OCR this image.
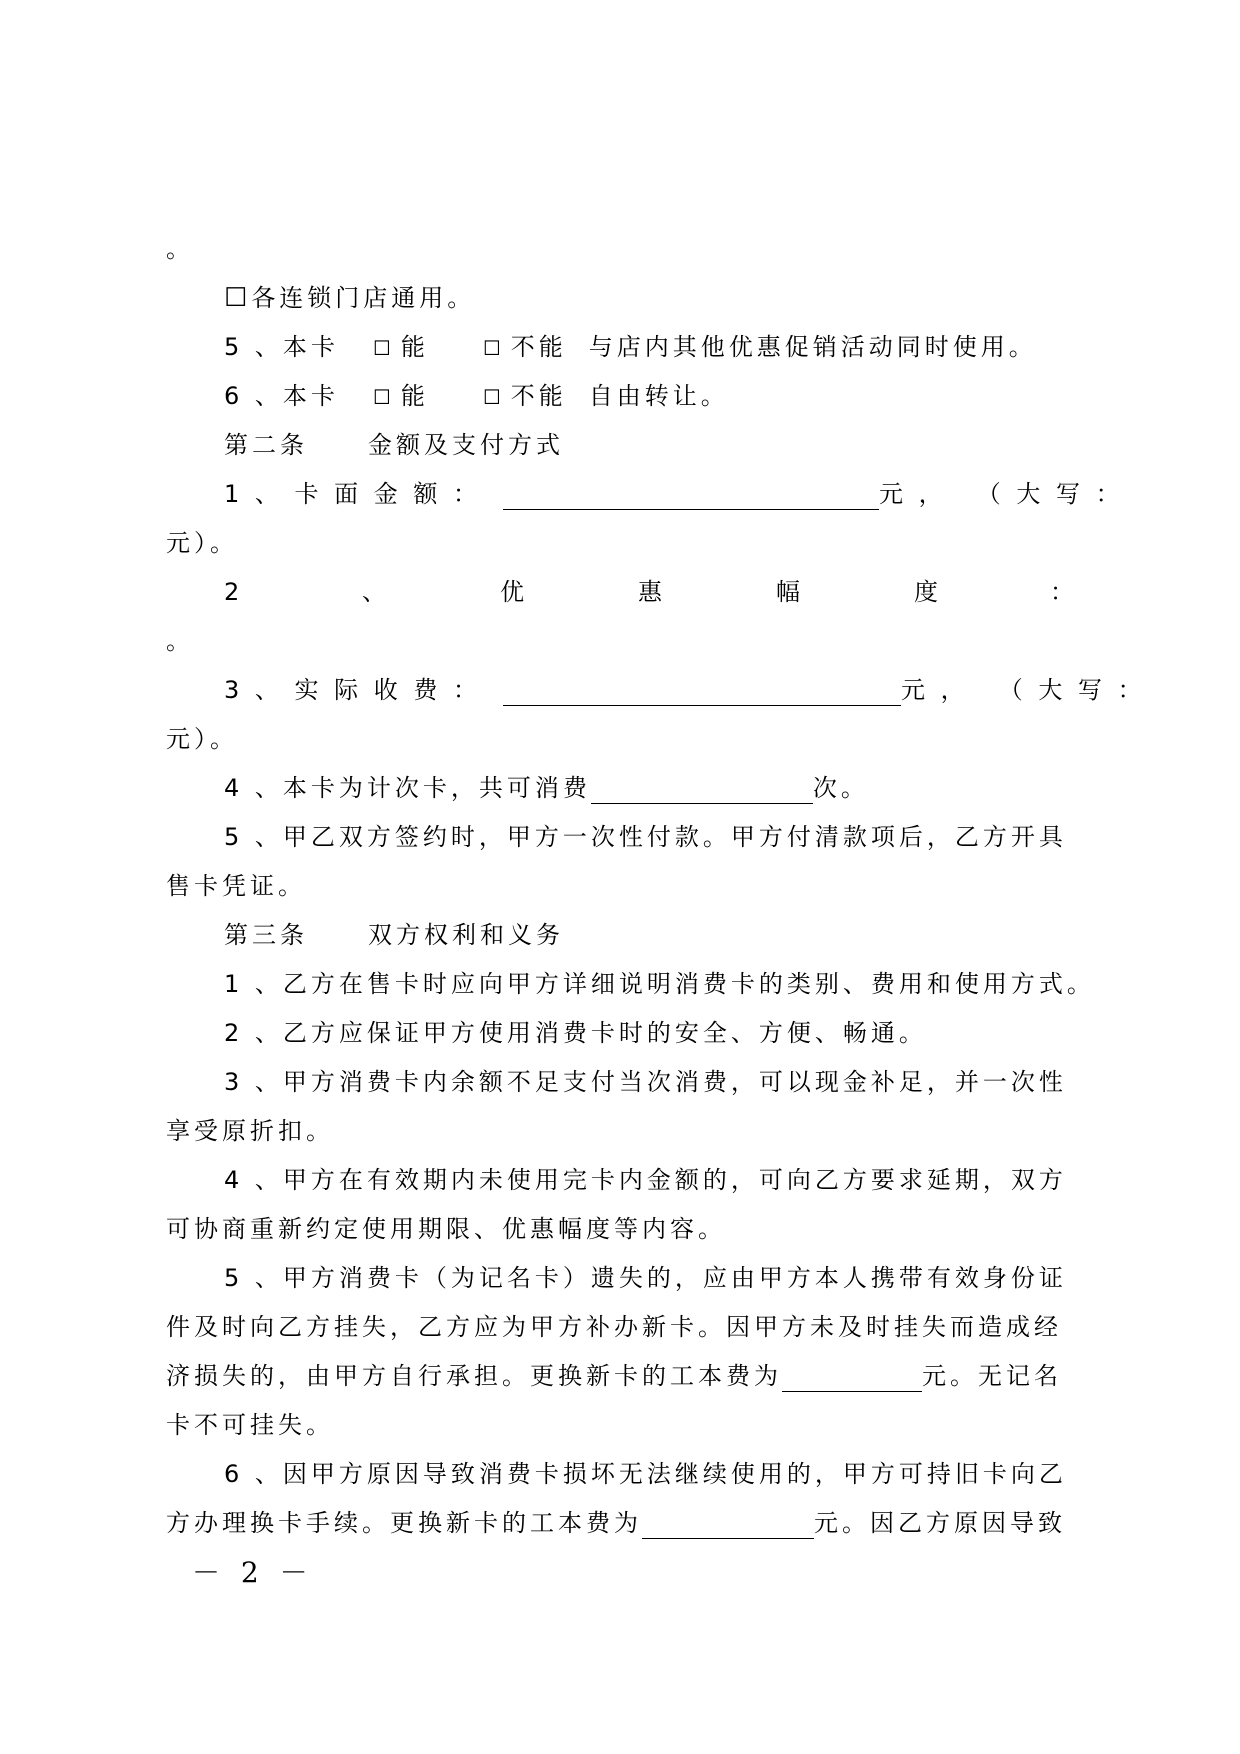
。

☐各连锁门店通用。

5 、本卡 ☐ 能	☐ 不能 与店内其他优惠促销活动同时使用。

6 、本卡 ☐ 能	☐ 不能 自由转让。

第二条	金额及支付方式

1 、 卡 面 金 额 ：	元 ， （ 大 写 ：

元）。

2	、	优	惠	幅	度	：

。

3 、 实 际 收 费 ：	元 ， （ 大 写 ：

元）。

4 、本卡为计次卡，共可消费	次。

5 、甲乙双方签约时，甲方一次性付款。甲方付清款项后，乙方开具

售卡凭证。

第三条	双方权利和义务

1 、乙方在售卡时应向甲方详细说明消费卡的类别、费用和使用方式。

2 、乙方应保证甲方使用消费卡时的安全、方便、畅通。

3 、甲方消费卡内余额不足支付当次消费，可以现金补足，并一次性

享受原折扣。

4 、甲方在有效期内未使用完卡内金额的，可向乙方要求延期，双方

可协商重新约定使用期限、优惠幅度等内容。

5 、甲方消费卡（为记名卡）遗失的，应由甲方本人携带有效身份证

件及时向乙方挂失，乙方应为甲方补办新卡。因甲方未及时挂失而造成经

济损失的，由甲方自行承担。更换新卡的工本费为	元。无记名

卡不可挂失。

6 、因甲方原因导致消费卡损坏无法继续使用的，甲方可持旧卡向乙

方办理换卡手续。更换新卡的工本费为	元。因乙方原因导致

－ 2 －
